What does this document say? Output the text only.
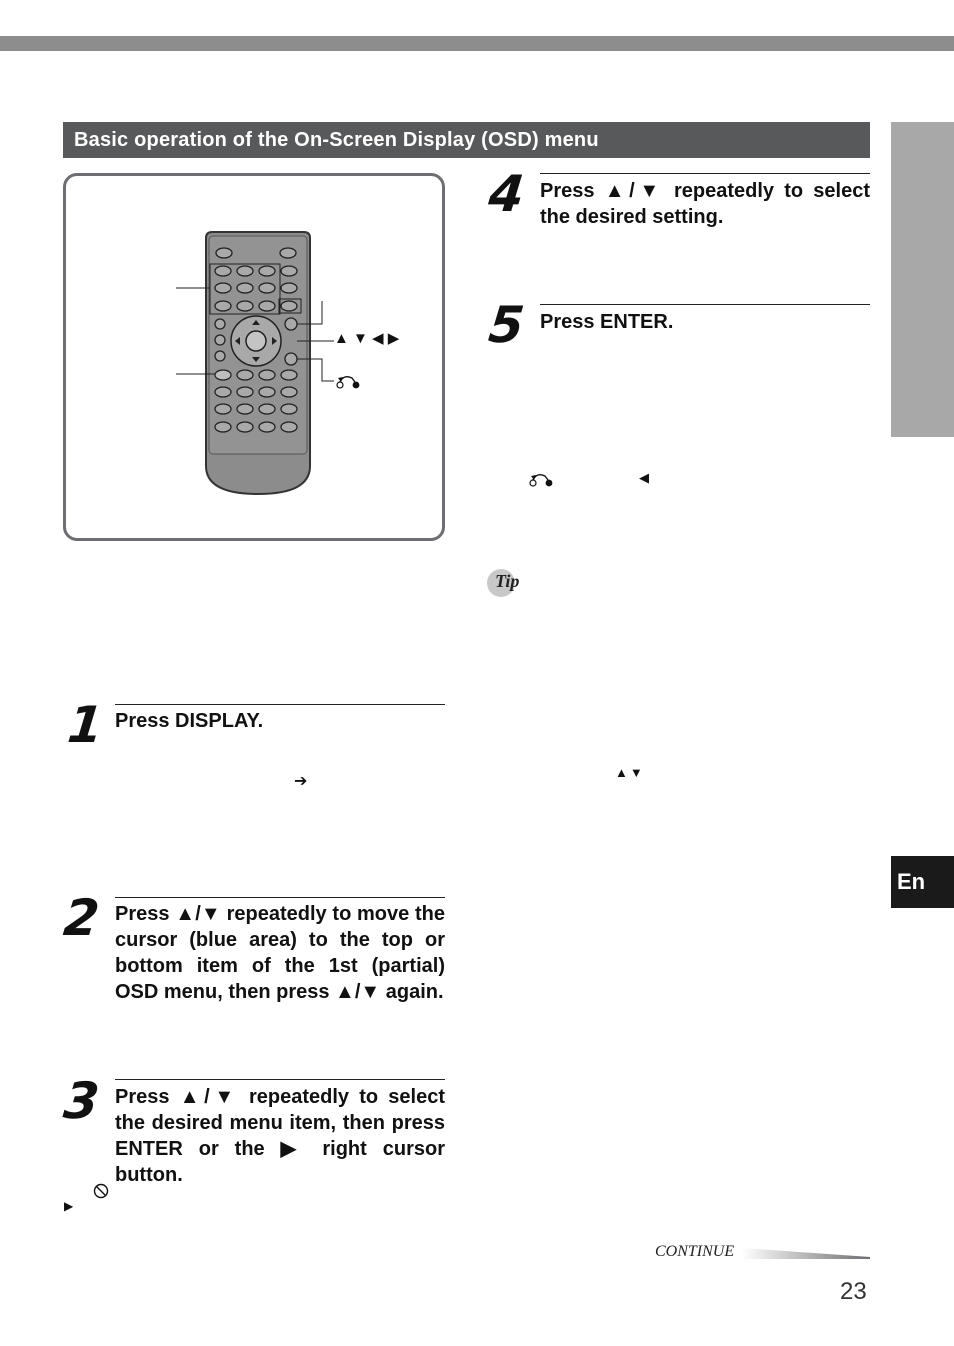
En
Basic operation of the On-Screen Display (OSD) menu
▲ ▼ ◀ ▶
1 Press DISPLAY.
➔
2 Press ▲/▼ repeatedly to move the cursor (blue area) to the top or bottom item of the 1st (partial) OSD menu, then press ▲/▼ again.
3 Press ▲/▼ repeatedly to select the desired menu item, then press ENTER or the ▶ right cursor button.
▶
4 Press ▲/▼ repeatedly to select the desired setting.
5 Press ENTER.
◀
Tip
▲▼
CONTINUE
23
